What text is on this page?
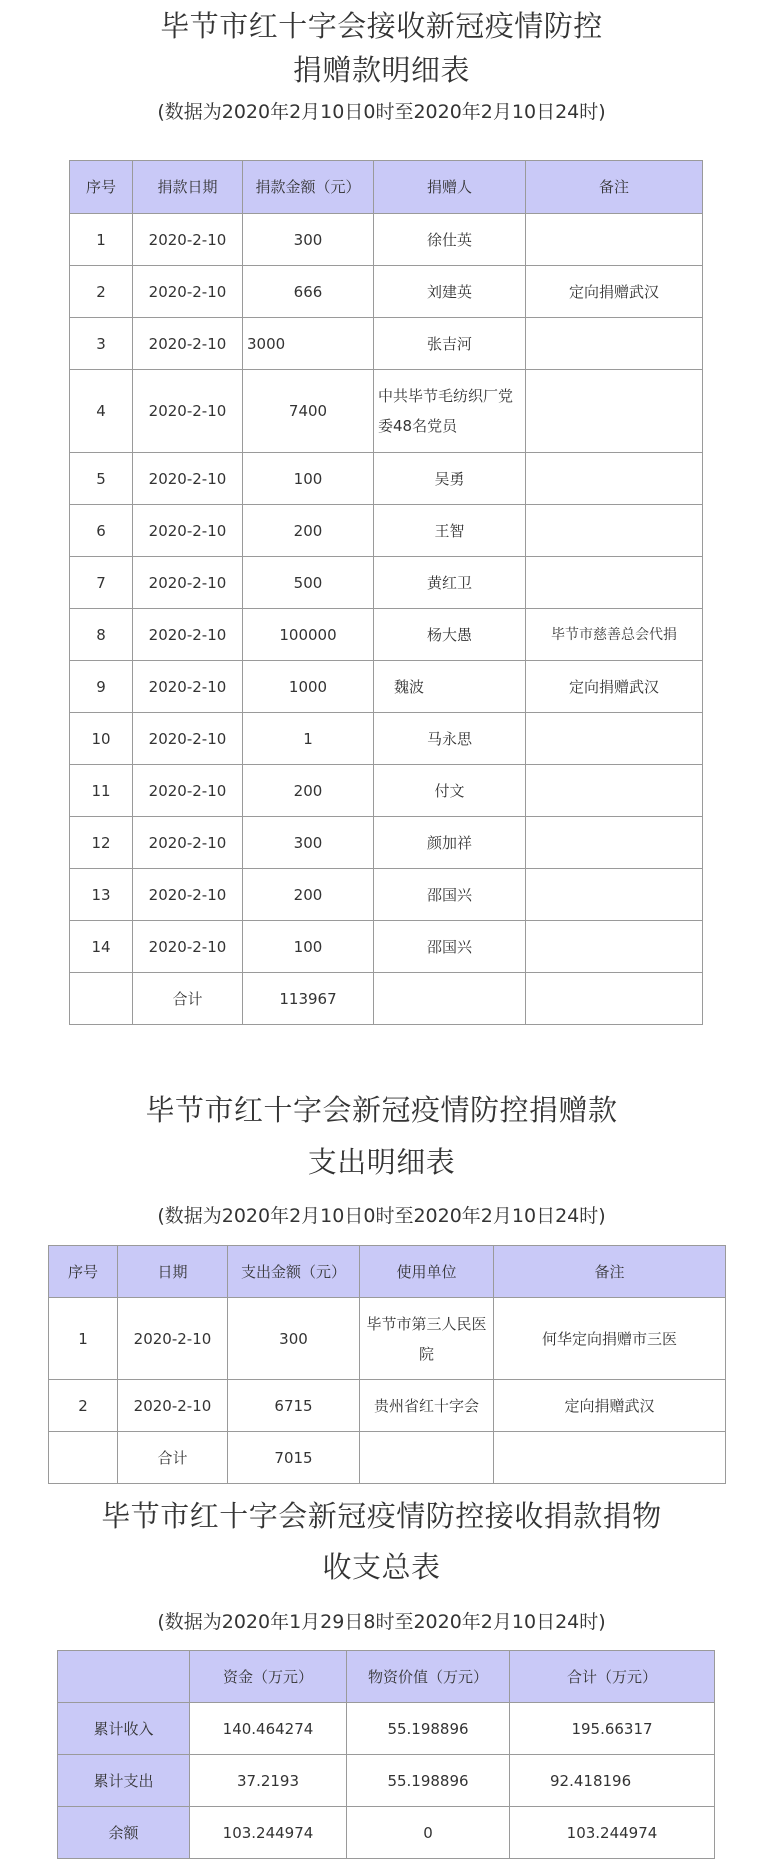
毕节市红十字会接收新冠疫情防控
捐赠款明细表
(数据为2020年2月10日0时至2020年2月10日24时)
序号	捐款日期	捐款金额（元）	捐赠人	备注
1	2020-2-10	300	徐仕英	
2	2020-2-10	666	刘建英	定向捐赠武汉
3	2020-2-10	3000	张吉河	
4	2020-2-10	7400	中共毕节毛纺织厂党委48名党员	
5	2020-2-10	100	吴勇	
6	2020-2-10	200	王智	
7	2020-2-10	500	黄红卫	
8	2020-2-10	100000	杨大愚	毕节市慈善总会代捐
9	2020-2-10	1000	魏波	定向捐赠武汉
10	2020-2-10	1	马永思	
11	2020-2-10	200	付文	
12	2020-2-10	300	颜加祥	
13	2020-2-10	200	邵国兴	
14	2020-2-10	100	邵国兴	
	合计	113967		
毕节市红十字会新冠疫情防控捐赠款
支出明细表
(数据为2020年2月10日0时至2020年2月10日24时)
序号	日期	支出金额（元）	使用单位	备注
1	2020-2-10	300	毕节市第三人民医院	何华定向捐赠市三医
2	2020-2-10	6715	贵州省红十字会	定向捐赠武汉
	合计	7015		
毕节市红十字会新冠疫情防控接收捐款捐物
收支总表
(数据为2020年1月29日8时至2020年2月10日24时)
	资金（万元）	物资价值（万元）	合计（万元）
累计收入	140.464274	55.198896	195.66317
累计支出	37.2193	55.198896	92.418196
余额	103.244974	0	103.244974
